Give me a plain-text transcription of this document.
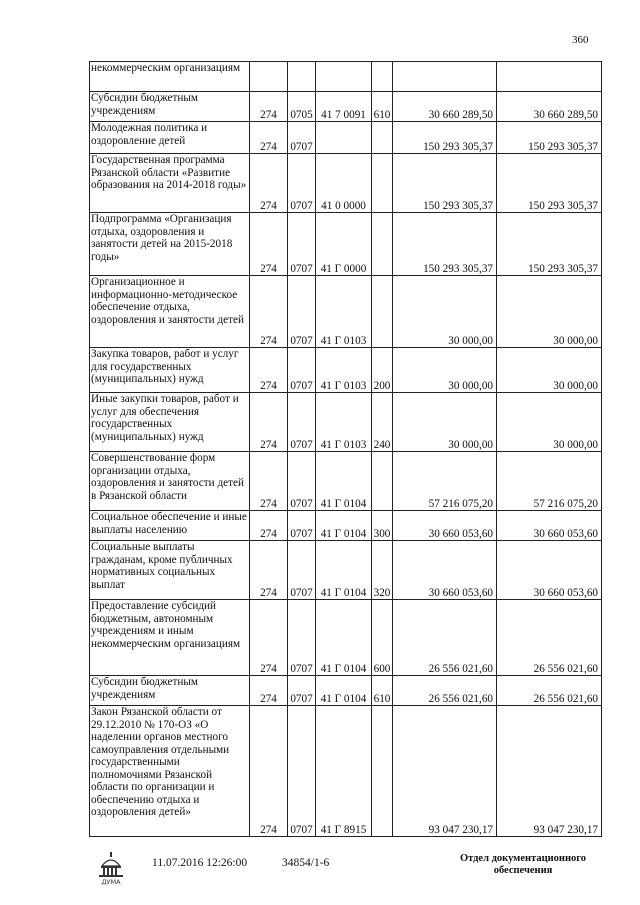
360
некоммерческим организациям						
Субсидии бюджетным учреждениям	274	0705	41 7 0091	610	30 660 289,50	30 660 289,50
Молодежная политика и оздоровление детей	274	0707			150 293 305,37	150 293 305,37
Государственная программа Рязанской области «Развитие образования на 2014-2018 годы»	274	0707	41 0 0000		150 293 305,37	150 293 305,37
Подпрограмма «Организация отдыха, оздоровления и занятости детей на 2015-2018 годы»	274	0707	41 Г 0000		150 293 305,37	150 293 305,37
Организационное и информационно-методическое обеспечение отдыха, оздоровления и занятости детей	274	0707	41 Г 0103		30 000,00	30 000,00
Закупка товаров, работ и услуг для государственных (муниципальных) нужд	274	0707	41 Г 0103	200	30 000,00	30 000,00
Иные закупки товаров, работ и услуг для обеспечения государственных (муниципальных) нужд	274	0707	41 Г 0103	240	30 000,00	30 000,00
Совершенствование форм организации отдыха, оздоровления и занятости детей в Рязанской области	274	0707	41 Г 0104		57 216 075,20	57 216 075,20
Социальное обеспечение и иные выплаты населению	274	0707	41 Г 0104	300	30 660 053,60	30 660 053,60
Социальные выплаты гражданам, кроме публичных нормативных социальных выплат	274	0707	41 Г 0104	320	30 660 053,60	30 660 053,60
Предоставление субсидий бюджетным, автономным учреждениям и иным некоммерческим организациям	274	0707	41 Г 0104	600	26 556 021,60	26 556 021,60
Субсидии бюджетным учреждениям	274	0707	41 Г 0104	610	26 556 021,60	26 556 021,60
Закон Рязанской области от 29.12.2010 № 170-ОЗ «О наделении органов местного самоуправления отдельными государственными полномочиями Рязанской области по организации и обеспечению отдыха и оздоровления детей»	274	0707	41 Г 8915		93 047 230,17	93 047 230,17
ДУМА
11.07.2016 12:26:00	34854/1-6	Отдел документационного
обеспечения
